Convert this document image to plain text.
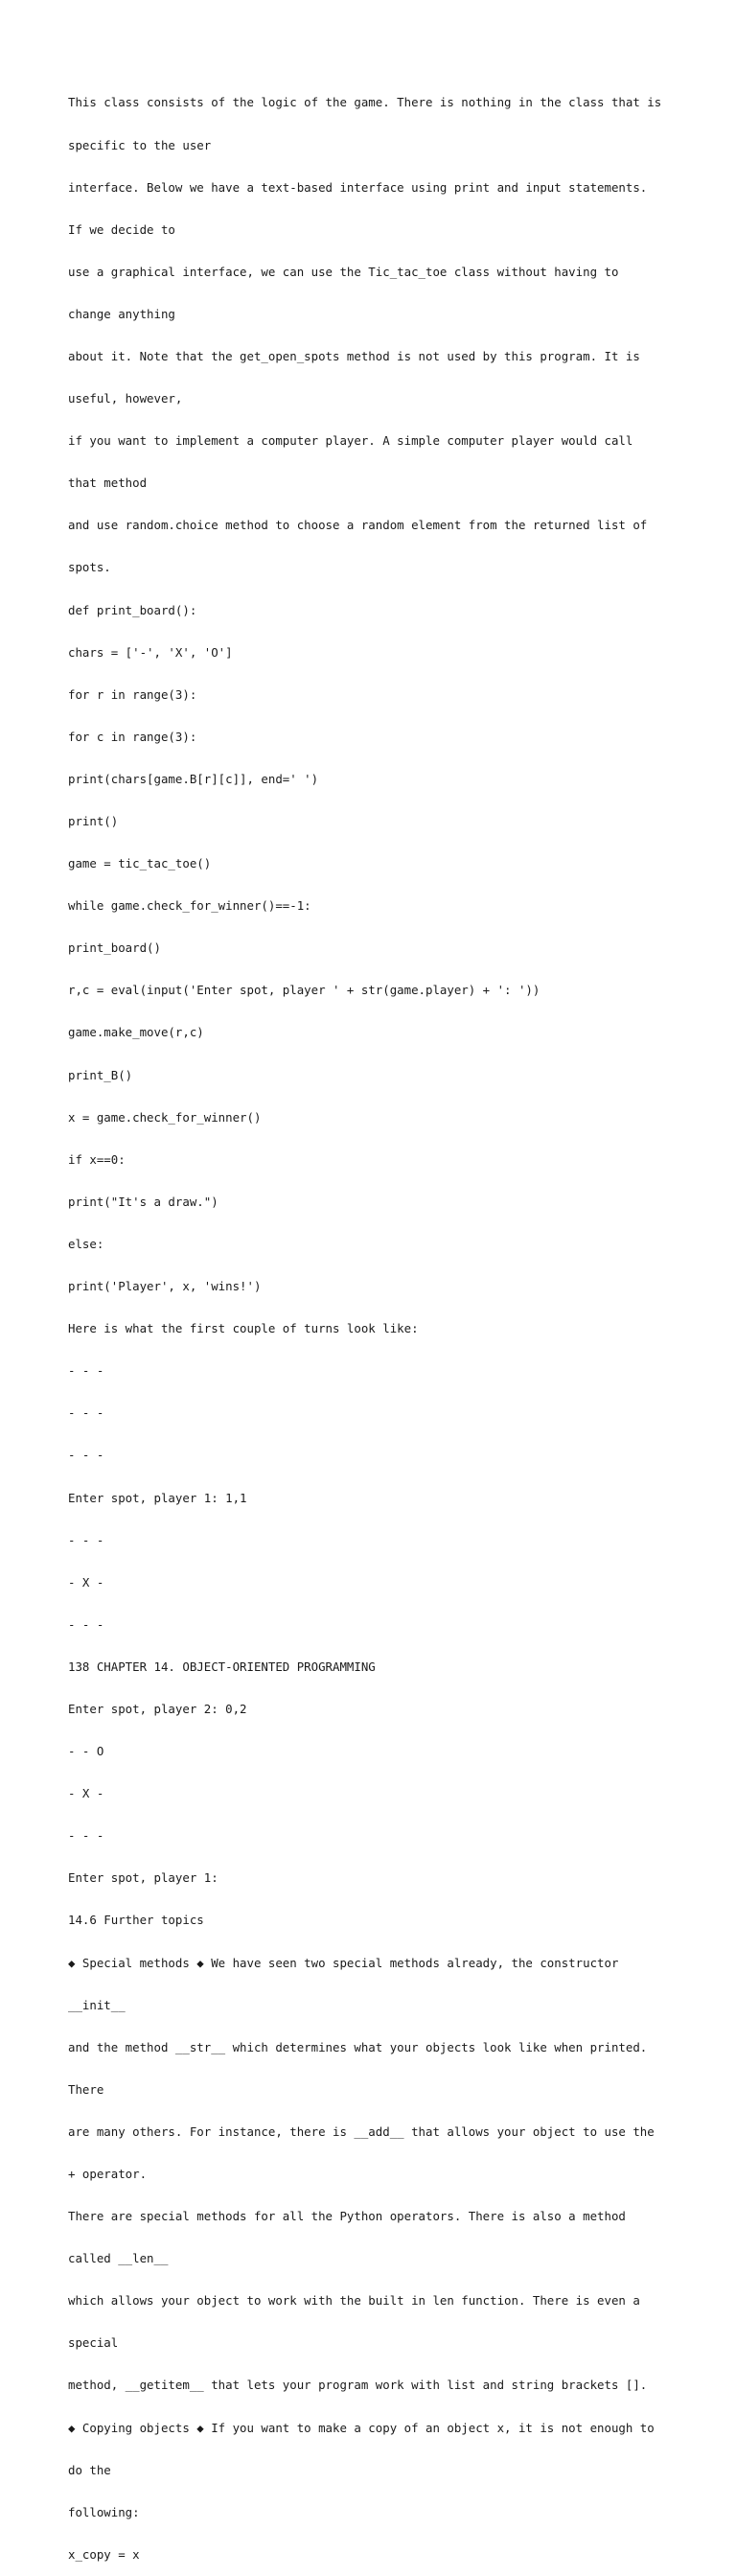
This class consists of the logic of the game. There is nothing in the class that is

specific to the user

interface. Below we have a text-based interface using print and input statements.

If we decide to

use a graphical interface, we can use the Tic_tac_toe class without having to

change anything

about it. Note that the get_open_spots method is not used by this program. It is

useful, however,

if you want to implement a computer player. A simple computer player would call

that method

and use random.choice method to choose a random element from the returned list of

spots.

def print_board():

chars = ['-', 'X', 'O']

for r in range(3):

for c in range(3):

print(chars[game.B[r][c]], end=' ')

print()

game = tic_tac_toe()

while game.check_for_winner()==-1:

print_board()

r,c = eval(input('Enter spot, player ' + str(game.player) + ': '))

game.make_move(r,c)

print_B()

x = game.check_for_winner()

if x==0:

print("It's a draw.")

else:

print('Player', x, 'wins!')

Here is what the first couple of turns look like:

- - -

- - -

- - -

Enter spot, player 1: 1,1

- - -

- X -

- - -

138 CHAPTER 14. OBJECT-ORIENTED PROGRAMMING

Enter spot, player 2: 0,2

- - O

- X -

- - -

Enter spot, player 1:

14.6 Further topics

◆ Special methods ◆ We have seen two special methods already, the constructor

__init__

and the method __str__ which determines what your objects look like when printed.

There

are many others. For instance, there is __add__ that allows your object to use the

+ operator.

There are special methods for all the Python operators. There is also a method

called __len__

which allows your object to work with the built in len function. There is even a

special

method, __getitem__ that lets your program work with list and string brackets [].

◆ Copying objects ◆ If you want to make a copy of an object x, it is not enough to

do the

following:

x_copy = x
